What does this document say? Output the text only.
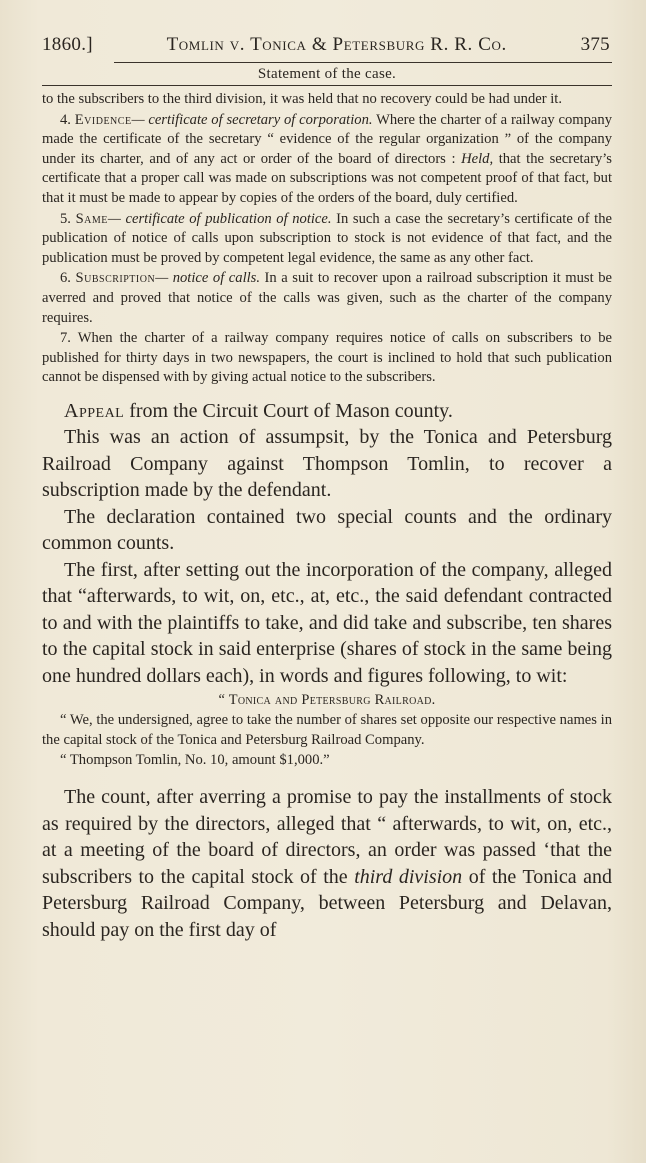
1860.]	Tomlin v. Tonica & Petersburg R. R. Co.	375
Statement of the case.

to the subscribers to the third division, it was held that no recovery could be had under it.

4. Evidence— certificate of secretary of corporation. Where the charter of a railway company made the certificate of the secretary “ evidence of the regular organization ” of the company under its charter, and of any act or order of the board of directors : Held, that the secretary’s certificate that a proper call was made on subscriptions was not competent proof of that fact, but that it must be made to appear by copies of the orders of the board, duly certified.

5. Same— certificate of publication of notice. In such a case the secretary’s certificate of the publication of notice of calls upon subscription to stock is not evidence of that fact, and the publication must be proved by competent legal evidence, the same as any other fact.

6. Subscription— notice of calls. In a suit to recover upon a railroad subscription it must be averred and proved that notice of the calls was given, such as the charter of the company requires.

7. When the charter of a railway company requires notice of calls on subscribers to be published for thirty days in two newspapers, the court is inclined to hold that such publication cannot be dispensed with by giving actual notice to the subscribers.

Appeal from the Circuit Court of Mason county.

This was an action of assumpsit, by the Tonica and Petersburg Railroad Company against Thompson Tomlin, to recover a subscription made by the defendant.

The declaration contained two special counts and the ordinary common counts.

The first, after setting out the incorporation of the company, alleged that “afterwards, to wit, on, etc., at, etc., the said defendant contracted to and with the plaintiffs to take, and did take and subscribe, ten shares to the capital stock in said enterprise (shares of stock in the same being one hundred dollars each), in words and figures following, to wit:

“ Tonica and Petersburg Railroad.

“ We, the undersigned, agree to take the number of shares set opposite our respective names in the capital stock of the Tonica and Petersburg Railroad Company.

“ Thompson Tomlin, No. 10, amount $1,000.”

The count, after averring a promise to pay the installments of stock as required by the directors, alleged that “ afterwards, to wit, on, etc., at a meeting of the board of directors, an order was passed ‘that the subscribers to the capital stock of the third division of the Tonica and Petersburg Railroad Company, between Petersburg and Delavan, should pay on the first day of
